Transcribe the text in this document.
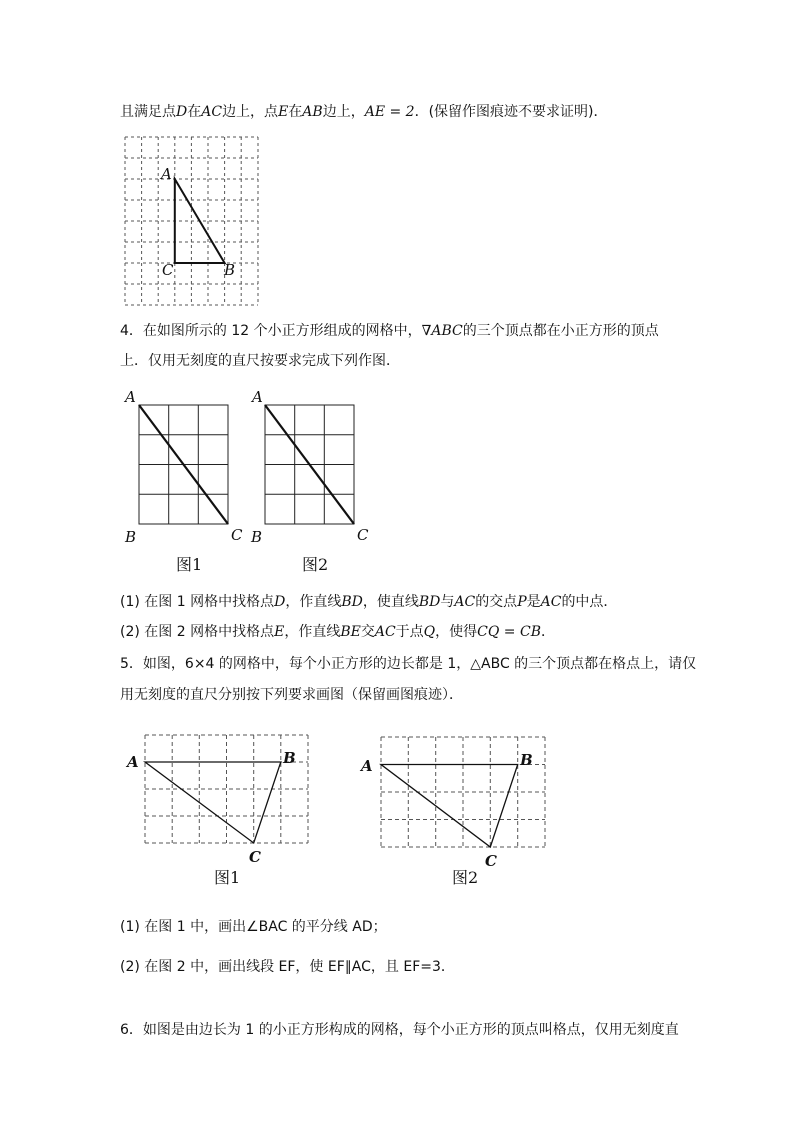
且满足点D在AC边上，点E在AB边上，AE = 2．(保留作图痕迹不要求证明)．
A
C	B
4．在如图所示的 12 个小正方形组成的网格中，∇ABC的三个顶点都在小正方形的顶点
上．仅用无刻度的直尺按要求完成下列作图．
A
B	C
图1
A
B	C
图2
(1) 在图 1 网格中找格点D，作直线BD，使直线BD与AC的交点P是AC的中点．
(2) 在图 2 网格中找格点E，作直线BE交AC于点Q，使得CQ = CB．
5．如图，6×4 的网格中，每个小正方形的边长都是 1，△ABC 的三个顶点都在格点上，请仅
用无刻度的直尺分别按下列要求画图（保留画图痕迹）．
A	B
C
图1
A	B
C
图2
(1) 在图 1 中，画出∠BAC 的平分线 AD；
(2) 在图 2 中，画出线段 EF，使 EF∥AC，且 EF=3．
6．如图是由边长为 1 的小正方形构成的网格，每个小正方形的顶点叫格点，仅用无刻度直
